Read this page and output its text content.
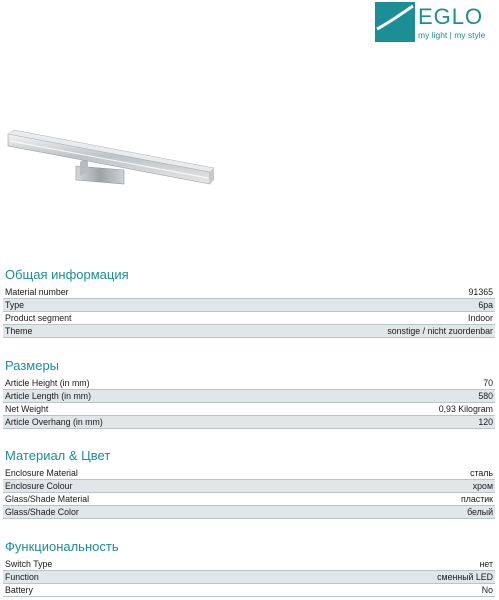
EGLO
my light | my style
Общая информация
Material number	91365
Type	6pa
Product segment	Indoor
Theme	sonstige / nicht zuordenbar
Размеры
Article Height (in mm)	70
Article Length (in mm)	580
Net Weight	0,93 Kilogram
Article Overhang (in mm)	120
Материал & Цвет
Enclosure Material	сталь
Enclosure Colour	хром
Glass/Shade Material	пластик
Glass/Shade Color	белый
Функциональность
Switch Type	нет
Function	сменный LED
Battery	No
